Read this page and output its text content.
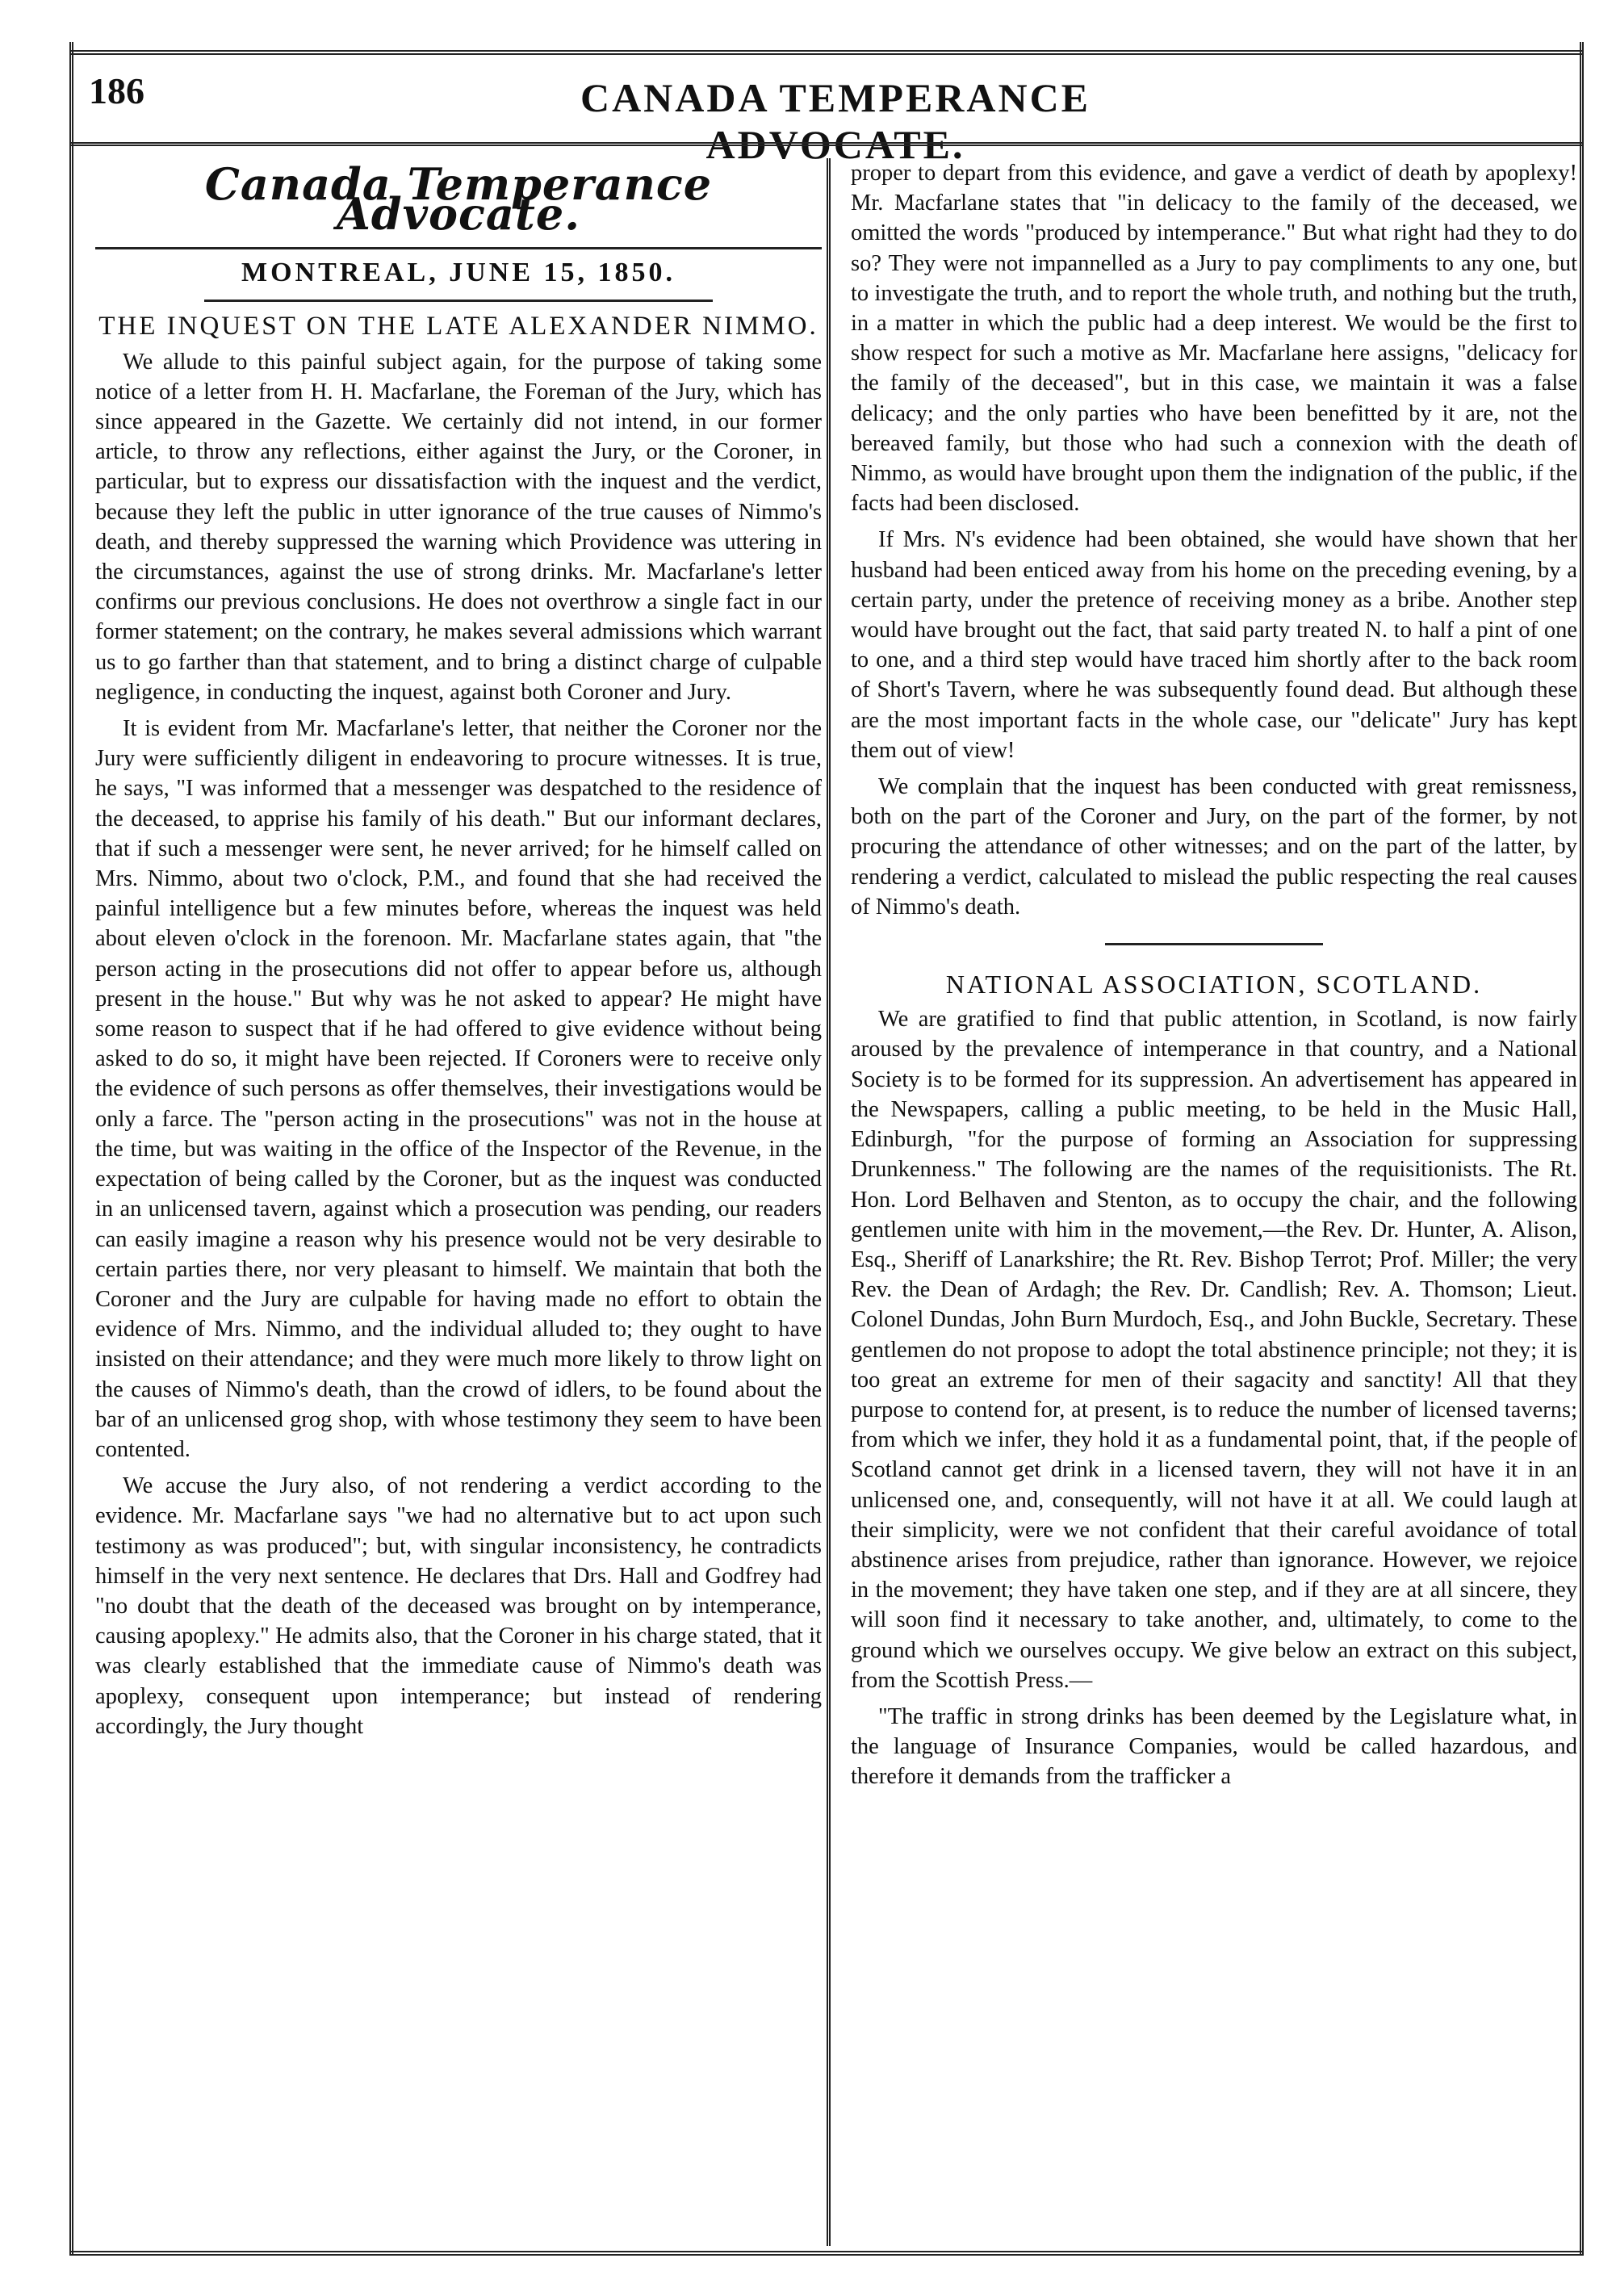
186	CANADA TEMPERANCE ADVOCATE.
Canada Temperance Advocate.
MONTREAL, JUNE 15, 1850.
THE INQUEST ON THE LATE ALEXANDER NIMMO.

We allude to this painful subject again, for the purpose of taking some notice of a letter from H. H. Macfarlane, the Foreman of the Jury, which has since appeared in the Gazette. We certainly did not intend, in our former article, to throw any reflections, either against the Jury, or the Coroner, in particular, but to express our dissatisfaction with the inquest and the verdict, because they left the public in utter ignorance of the true causes of Nimmo's death, and thereby suppressed the warning which Providence was uttering in the circumstances, against the use of strong drinks. Mr. Macfarlane's letter confirms our previous conclusions. He does not overthrow a single fact in our former statement; on the contrary, he makes several admissions which warrant us to go farther than that statement, and to bring a distinct charge of culpable negligence, in conducting the inquest, against both Coroner and Jury.

It is evident from Mr. Macfarlane's letter, that neither the Coroner nor the Jury were sufficiently diligent in endeavoring to procure witnesses. It is true, he says, "I was informed that a messenger was despatched to the residence of the deceased, to apprise his family of his death." But our informant declares, that if such a messenger were sent, he never arrived; for he himself called on Mrs. Nimmo, about two o'clock, P.M., and found that she had received the painful intelligence but a few minutes before, whereas the inquest was held about eleven o'clock in the forenoon. Mr. Macfarlane states again, that "the person acting in the prosecutions did not offer to appear before us, although present in the house." But why was he not asked to appear? He might have some reason to suspect that if he had offered to give evidence without being asked to do so, it might have been rejected. If Coroners were to receive only the evidence of such persons as offer themselves, their investigations would be only a farce. The "person acting in the prosecutions" was not in the house at the time, but was waiting in the office of the Inspector of the Revenue, in the expectation of being called by the Coroner, but as the inquest was conducted in an unlicensed tavern, against which a prosecution was pending, our readers can easily imagine a reason why his presence would not be very desirable to certain parties there, nor very pleasant to himself. We maintain that both the Coroner and the Jury are culpable for having made no effort to obtain the evidence of Mrs. Nimmo, and the individual alluded to; they ought to have insisted on their attendance; and they were much more likely to throw light on the causes of Nimmo's death, than the crowd of idlers, to be found about the bar of an unlicensed grog shop, with whose testimony they seem to have been contented.

We accuse the Jury also, of not rendering a verdict according to the evidence. Mr. Macfarlane says "we had no alternative but to act upon such testimony as was produced"; but, with singular inconsistency, he contradicts himself in the very next sentence. He declares that Drs. Hall and Godfrey had "no doubt that the death of the deceased was brought on by intemperance, causing apoplexy." He admits also, that the Coroner in his charge stated, that it was clearly established that the immediate cause of Nimmo's death was apoplexy, consequent upon intemperance; but instead of rendering accordingly, the Jury thought

proper to depart from this evidence, and gave a verdict of death by apoplexy! Mr. Macfarlane states that "in delicacy to the family of the deceased, we omitted the words "produced by intemperance." But what right had they to do so? They were not impannelled as a Jury to pay compliments to any one, but to investigate the truth, and to report the whole truth, and nothing but the truth, in a matter in which the public had a deep interest. We would be the first to show respect for such a motive as Mr. Macfarlane here assigns, "delicacy for the family of the deceased", but in this case, we maintain it was a false delicacy; and the only parties who have been benefitted by it are, not the bereaved family, but those who had such a connexion with the death of Nimmo, as would have brought upon them the indignation of the public, if the facts had been disclosed.

If Mrs. N's evidence had been obtained, she would have shown that her husband had been enticed away from his home on the preceding evening, by a certain party, under the pretence of receiving money as a bribe. Another step would have brought out the fact, that said party treated N. to half a pint of one to one, and a third step would have traced him shortly after to the back room of Short's Tavern, where he was subsequently found dead. But although these are the most important facts in the whole case, our "delicate" Jury has kept them out of view!

We complain that the inquest has been conducted with great remissness, both on the part of the Coroner and Jury, on the part of the former, by not procuring the attendance of other witnesses; and on the part of the latter, by rendering a verdict, calculated to mislead the public respecting the real causes of Nimmo's death.

NATIONAL ASSOCIATION, SCOTLAND.

We are gratified to find that public attention, in Scotland, is now fairly aroused by the prevalence of intemperance in that country, and a National Society is to be formed for its suppression. An advertisement has appeared in the Newspapers, calling a public meeting, to be held in the Music Hall, Edinburgh, "for the purpose of forming an Association for suppressing Drunkenness." The following are the names of the requisitionists. The Rt. Hon. Lord Belhaven and Stenton, as to occupy the chair, and the following gentlemen unite with him in the movement,—the Rev. Dr. Hunter, A. Alison, Esq., Sheriff of Lanarkshire; the Rt. Rev. Bishop Terrot; Prof. Miller; the very Rev. the Dean of Ardagh; the Rev. Dr. Candlish; Rev. A. Thomson; Lieut. Colonel Dundas, John Burn Murdoch, Esq., and John Buckle, Secretary. These gentlemen do not propose to adopt the total abstinence principle; not they; it is too great an extreme for men of their sagacity and sanctity! All that they purpose to contend for, at present, is to reduce the number of licensed taverns; from which we infer, they hold it as a fundamental point, that, if the people of Scotland cannot get drink in a licensed tavern, they will not have it in an unlicensed one, and, consequently, will not have it at all. We could laugh at their simplicity, were we not confident that their careful avoidance of total abstinence arises from prejudice, rather than ignorance. However, we rejoice in the movement; they have taken one step, and if they are at all sincere, they will soon find it necessary to take another, and, ultimately, to come to the ground which we ourselves occupy. We give below an extract on this subject, from the Scottish Press.—

"The traffic in strong drinks has been deemed by the Legislature what, in the language of Insurance Companies, would be called hazardous, and therefore it demands from the trafficker a
